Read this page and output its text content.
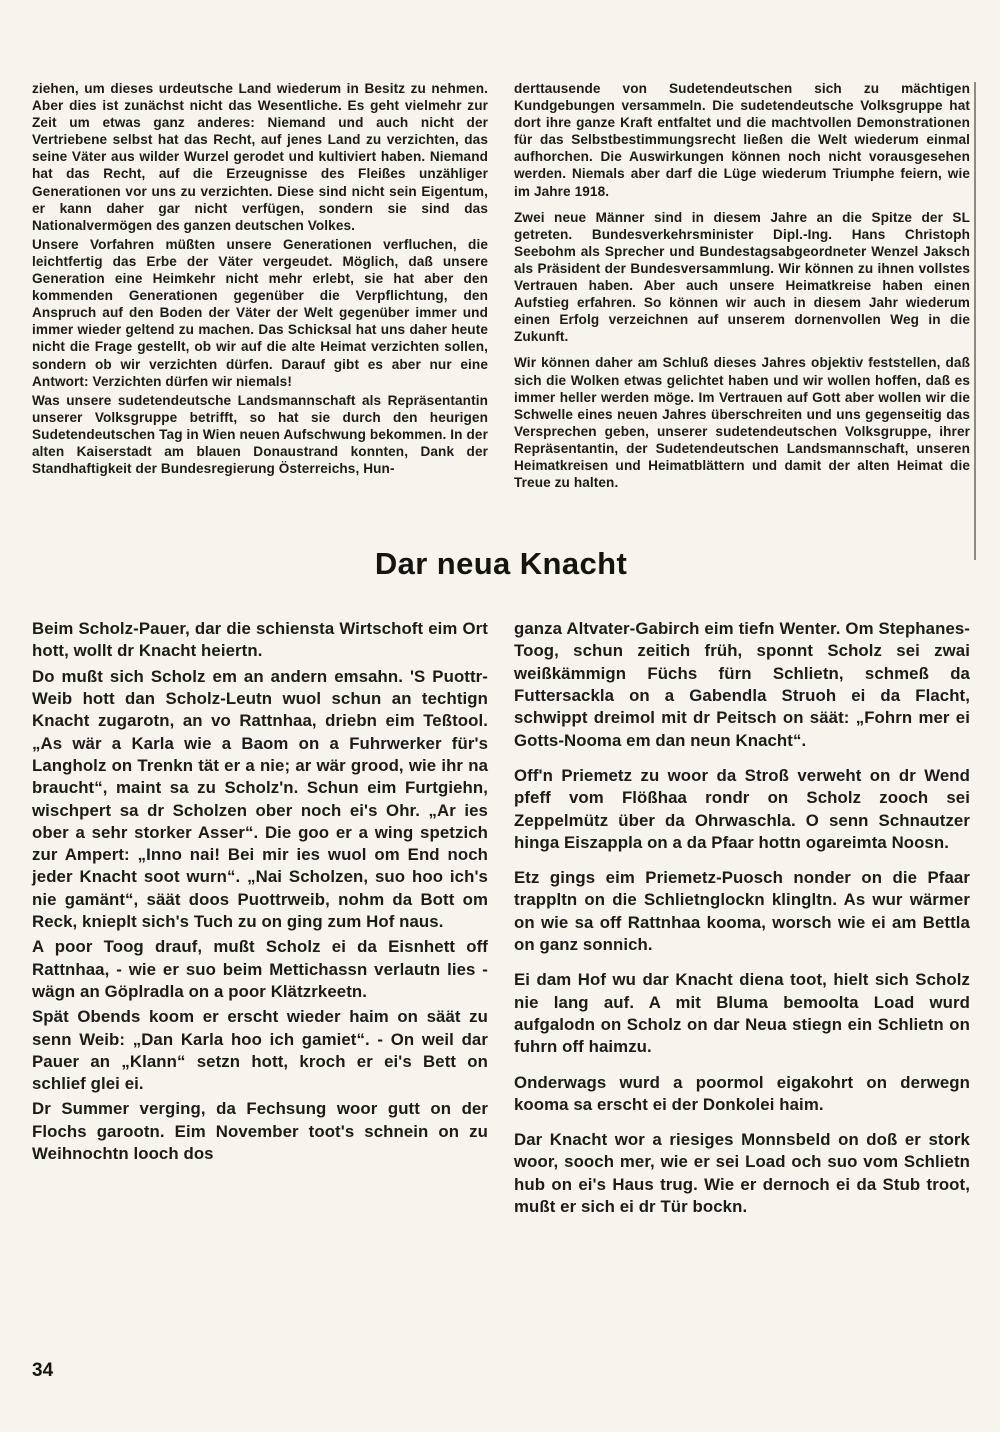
ziehen, um dieses urdeutsche Land wiederum in Besitz zu nehmen. Aber dies ist zunächst nicht das Wesentliche. Es geht vielmehr zur Zeit um etwas ganz anderes: Niemand und auch nicht der Vertriebene selbst hat das Recht, auf jenes Land zu verzichten, das seine Väter aus wilder Wurzel gerodet und kultiviert haben. Niemand hat das Recht, auf die Erzeugnisse des Fleißes unzähliger Generationen vor uns zu verzichten. Diese sind nicht sein Eigentum, er kann daher gar nicht verfügen, sondern sie sind das Nationalvermögen des ganzen deutschen Volkes.

Unsere Vorfahren müßten unsere Generationen verfluchen, die leichtfertig das Erbe der Väter vergeudet. Möglich, daß unsere Generation eine Heimkehr nicht mehr erlebt, sie hat aber den kommenden Generationen gegenüber die Verpflichtung, den Anspruch auf den Boden der Väter der Welt gegenüber immer und immer wieder geltend zu machen. Das Schicksal hat uns daher heute nicht die Frage gestellt, ob wir auf die alte Heimat verzichten sollen, sondern ob wir verzichten dürfen. Darauf gibt es aber nur eine Antwort: Verzichten dürfen wir niemals!

Was unsere sudetendeutsche Landsmannschaft als Repräsentantin unserer Volksgruppe betrifft, so hat sie durch den heurigen Sudetendeutschen Tag in Wien neuen Aufschwung bekommen. In der alten Kaiserstadt am blauen Donaustrand konnten, Dank der Standhaftigkeit der Bundesregierung Österreichs, Hun-

derttausende von Sudetendeutschen sich zu mächtigen Kundgebungen versammeln. Die sudetendeutsche Volksgruppe hat dort ihre ganze Kraft entfaltet und die machtvollen Demonstrationen für das Selbstbestimmungsrecht ließen die Welt wiederum einmal aufhorchen. Die Auswirkungen können noch nicht vorausgesehen werden. Niemals aber darf die Lüge wiederum Triumphe feiern, wie im Jahre 1918.

Zwei neue Männer sind in diesem Jahre an die Spitze der SL getreten. Bundesverkehrsminister Dipl.-Ing. Hans Christoph Seebohm als Sprecher und Bundestagsabgeordneter Wenzel Jaksch als Präsident der Bundesversammlung. Wir können zu ihnen vollstes Vertrauen haben. Aber auch unsere Heimatkreise haben einen Aufstieg erfahren. So können wir auch in diesem Jahr wiederum einen Erfolg verzeichnen auf unserem dornenvollen Weg in die Zukunft.

Wir können daher am Schluß dieses Jahres objektiv feststellen, daß sich die Wolken etwas gelichtet haben und wir wollen hoffen, daß es immer heller werden möge. Im Vertrauen auf Gott aber wollen wir die Schwelle eines neuen Jahres überschreiten und uns gegenseitig das Versprechen geben, unserer sudetendeutschen Volksgruppe, ihrer Repräsentantin, der Sudetendeutschen Landsmannschaft, unseren Heimatkreisen und Heimatblättern und damit der alten Heimat die Treue zu halten.

Dar neua Knacht

Beim Scholz-Pauer, dar die schiensta Wirtschoft eim Ort hott, wollt dr Knacht heiertn.

Do mußt sich Scholz em an andern emsahn. 'S Puottr-Weib hott dan Scholz-Leutn wuol schun an techtign Knacht zugarotn, an vo Rattnhaa, driebn eim Teßtool. „As wär a Karla wie a Baom on a Fuhrwerker für's Langholz on Trenkn tät er a nie; ar wär grood, wie ihr na braucht“, maint sa zu Scholz'n. Schun eim Furtgiehn, wischpert sa dr Scholzen ober noch ei's Ohr. „Ar ies ober a sehr storker Asser“. Die goo er a wing spetzich zur Ampert: „Inno nai! Bei mir ies wuol om End noch jeder Knacht soot wurn“. „Nai Scholzen, suo hoo ich's nie gamänt“, säät doos Puottrweib, nohm da Bott om Reck, knieplt sich's Tuch zu on ging zum Hof naus.

A poor Toog drauf, mußt Scholz ei da Eisnhett off Rattnhaa, - wie er suo beim Mettichassn verlautn lies - wägn an Göplradla on a poor Klätzrkeetn.

Spät Obends koom er erscht wieder haim on säät zu senn Weib: „Dan Karla hoo ich gamiet“. - On weil dar Pauer an „Klann“ setzn hott, kroch er ei's Bett on schlief glei ei.

Dr Summer verging, da Fechsung woor gutt on der Flochs garootn. Eim November toot's schnein on zu Weihnochtn looch dos

ganza Altvater-Gabirch eim tiefn Wenter. Om Stephanes-Toog, schun zeitich früh, sponnt Scholz sei zwai weißkämmign Füchs fürn Schlietn, schmeß da Futtersackla on a Gabendla Struoh ei da Flacht, schwippt dreimol mit dr Peitsch on säät: „Fohrn mer ei Gotts-Nooma em dan neun Knacht“.

Off'n Priemetz zu woor da Stroß verweht on dr Wend pfeff vom Flößhaa rondr on Scholz zooch sei Zeppelmütz über da Ohrwaschla. O senn Schnautzer hinga Eiszappla on a da Pfaar hottn ogareimta Noosn.

Etz gings eim Priemetz-Puosch nonder on die Pfaar trappltn on die Schlietnglockn klingltn. As wur wärmer on wie sa off Rattnhaa kooma, worsch wie ei am Bettla on ganz sonnich.

Ei dam Hof wu dar Knacht diena toot, hielt sich Scholz nie lang auf. A mit Bluma bemoolta Load wurd aufgalodn on Scholz on dar Neua stiegn ein Schlietn on fuhrn off haimzu.

Onderwags wurd a poormol eigakohrt on derwegn kooma sa erscht ei der Donkolei haim.

Dar Knacht wor a riesiges Monnsbeld on doß er stork woor, sooch mer, wie er sei Load och suo vom Schlietn hub on ei's Haus trug. Wie er dernoch ei da Stub troot, mußt er sich ei dr Tür bockn.

34
